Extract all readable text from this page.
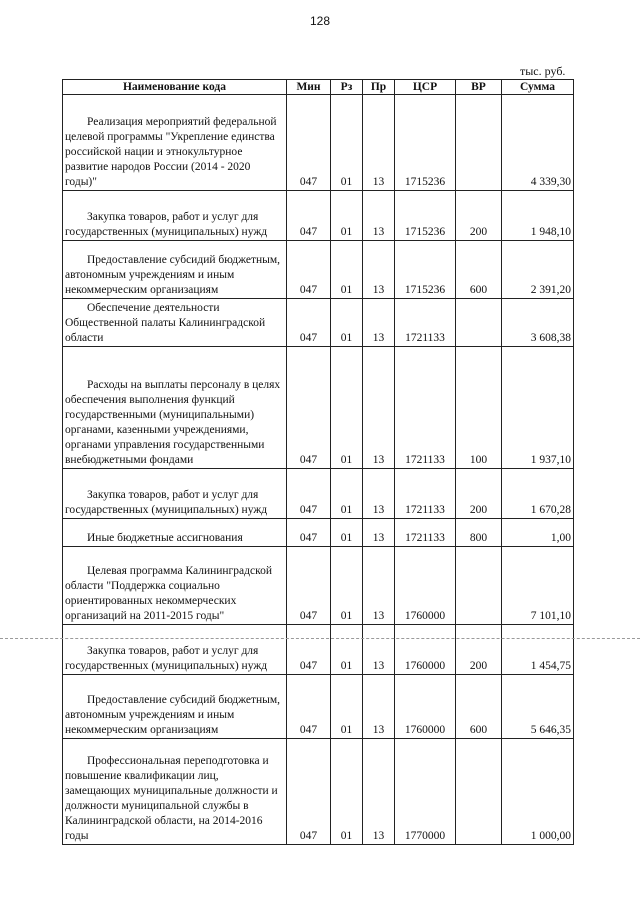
128
тыс. руб.
Наименование кода	Мин	Рз	Пр	ЦСР	ВР	Сумма

Реализация мероприятий федеральной целевой программы "Укрепление единства российской нации и этнокультурное развитие народов России (2014 - 2020 годы)"	047	01	13	1715236		4 339,30

Закупка товаров, работ и услуг для государственных (муниципальных) нужд	047	01	13	1715236	200	1 948,10

Предоставление субсидий бюджетным, автономным учреждениям и иным некоммерческим организациям	047	01	13	1715236	600	2 391,20

Обеспечение деятельности Общественной палаты Калининградской области	047	01	13	1721133		3 608,38

Расходы на выплаты персоналу в целях обеспечения выполнения функций государственными (муниципальными) органами, казенными учреждениями, органами управления государственными внебюджетными фондами	047	01	13	1721133	100	1 937,10

Закупка товаров, работ и услуг для государственных (муниципальных) нужд	047	01	13	1721133	200	1 670,28

Иные бюджетные ассигнования	047	01	13	1721133	800	1,00

Целевая программа Калининградской области "Поддержка социально ориентированных некоммерческих организаций на 2011-2015 годы"	047	01	13	1760000		7 101,10

Закупка товаров, работ и услуг для государственных (муниципальных) нужд	047	01	13	1760000	200	1 454,75

Предоставление субсидий бюджетным, автономным учреждениям и иным некоммерческим организациям	047	01	13	1760000	600	5 646,35

Профессиональная переподготовка и повышение квалификации лиц, замещающих муниципальные должности и должности муниципальной службы в Калининградской области, на 2014-2016 годы	047	01	13	1770000		1 000,00
